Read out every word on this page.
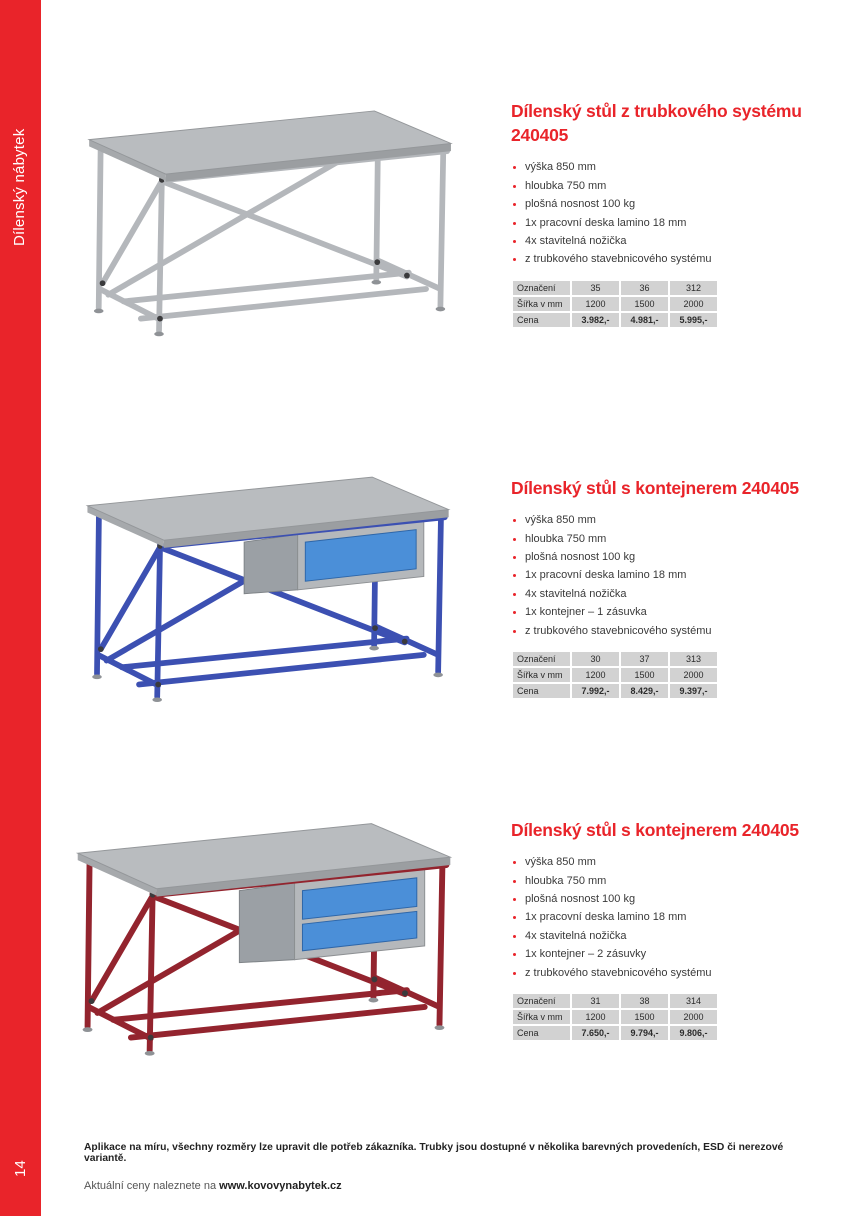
Dílenský nábytek
14
Dílenský stůl z trubkového systému 240405
výška 850 mm
hloubka 750 mm
plošná nosnost 100 kg
1x pracovní deska lamino 18 mm
4x stavitelná nožička
z trubkového stavebnicového systému
Označení	35	36	312
Šířka v mm	1200	1500	2000
Cena	3.982,-	4.981,-	5.995,-
Dílenský stůl s kontejnerem 240405
výška 850 mm
hloubka 750 mm
plošná nosnost 100 kg
1x pracovní deska lamino 18 mm
4x stavitelná nožička
1x kontejner – 1 zásuvka
z trubkového stavebnicového systému
Označení	30	37	313
Šířka v mm	1200	1500	2000
Cena	7.992,-	8.429,-	9.397,-
Dílenský stůl s kontejnerem 240405
výška 850 mm
hloubka 750 mm
plošná nosnost 100 kg
1x pracovní deska lamino 18 mm
4x stavitelná nožička
1x kontejner – 2 zásuvky
z trubkového stavebnicového systému
Označení	31	38	314
Šířka v mm	1200	1500	2000
Cena	7.650,-	9.794,-	9.806,-
Aplikace na míru, všechny rozměry lze upravit dle potřeb zákazníka. Trubky jsou dostupné v několika barevných provedeních, ESD či nerezové variantě.
Aktuální ceny naleznete na www.kovovynabytek.cz
